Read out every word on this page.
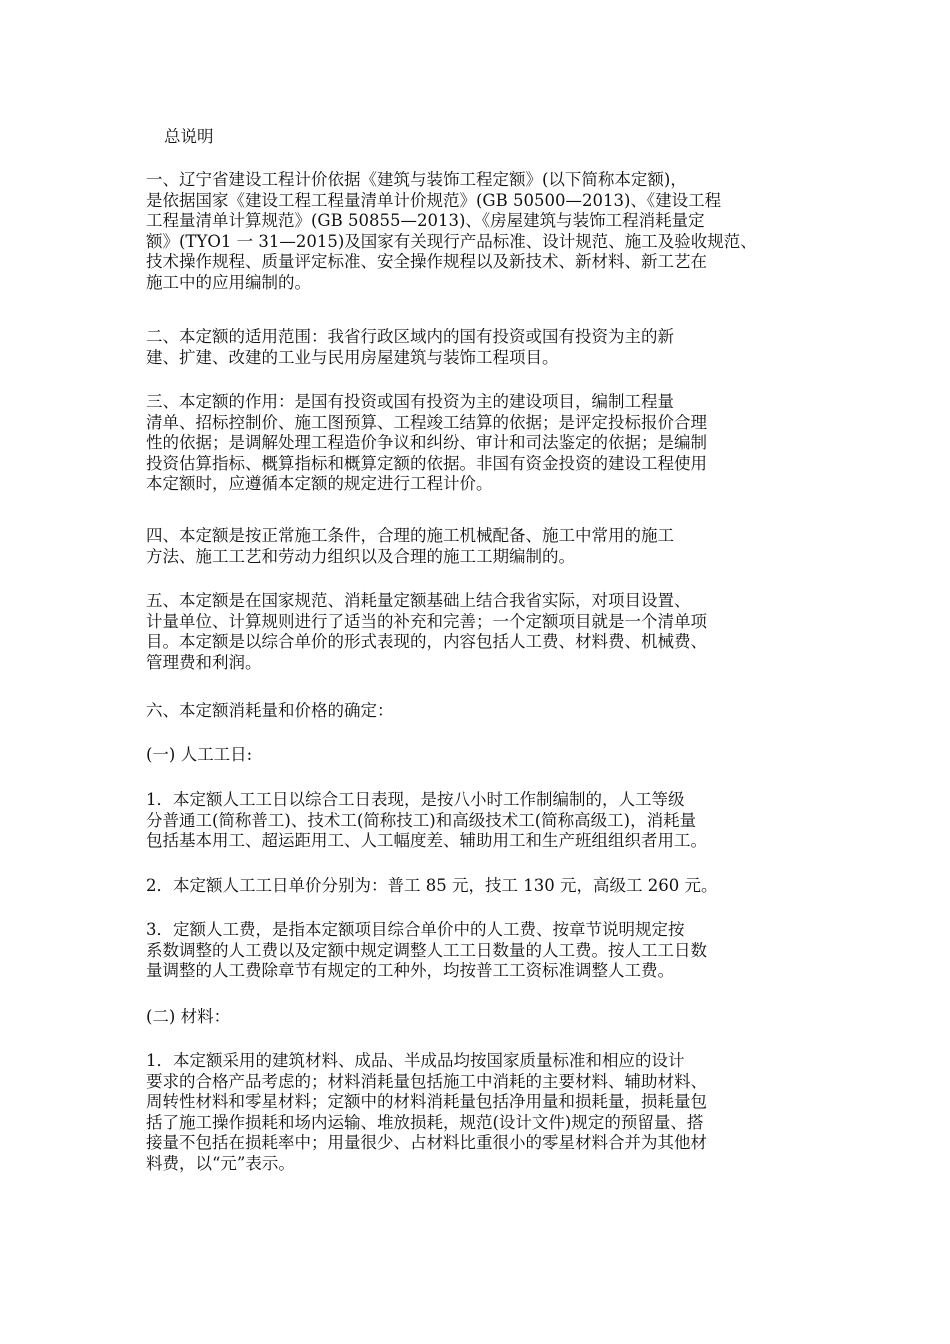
总说明
一、辽宁省建设工程计价依据《建筑与装饰工程定额》(以下简称本定额)，
是依据国家《建设工程工程量清单计价规范》(GB 50500—2013)、《建设工程
工程量清单计算规范》(GB 50855—2013)、《房屋建筑与装饰工程消耗量定
额》(TYO1 一 31—2015)及国家有关现行产品标准、设计规范、施工及验收规范、
技术操作规程、质量评定标准、安全操作规程以及新技术、新材料、新工艺在
施工中的应用编制的。
二、本定额的适用范围：我省行政区域内的国有投资或国有投资为主的新
建、扩建、改建的工业与民用房屋建筑与装饰工程项目。
三、本定额的作用：是国有投资或国有投资为主的建设项目，编制工程量
清单、招标控制价、施工图预算、工程竣工结算的依据；是评定投标报价合理
性的依据；是调解处理工程造价争议和纠纷、审计和司法鉴定的依据；是编制
投资估算指标、概算指标和概算定额的依据。非国有资金投资的建设工程使用
本定额时，应遵循本定额的规定进行工程计价。
四、本定额是按正常施工条件，合理的施工机械配备、施工中常用的施工
方法、施工工艺和劳动力组织以及合理的施工工期编制的。
五、本定额是在国家规范、消耗量定额基础上结合我省实际，对项目设置、
计量单位、计算规则进行了适当的补充和完善；一个定额项目就是一个清单项
目。本定额是以综合单价的形式表现的，内容包括人工费、材料费、机械费、
管理费和利润。
六、本定额消耗量和价格的确定：
(一) 人工工日:
1．本定额人工工日以综合工日表现，是按八小时工作制编制的，人工等级
分普通工(简称普工)、技术工(简称技工)和高级技术工(简称高级工)，消耗量
包括基本用工、超运距用工、人工幅度差、辅助用工和生产班组组织者用工。
2．本定额人工工日单价分别为：普工 85 元，技工 130 元，高级工 260 元。
3．定额人工费，是指本定额项目综合单价中的人工费、按章节说明规定按
系数调整的人工费以及定额中规定调整人工工日数量的人工费。按人工工日数
量调整的人工费除章节有规定的工种外，均按普工工资标准调整人工费。
(二) 材料：
1．本定额采用的建筑材料、成品、半成品均按国家质量标准和相应的设计
要求的合格产品考虑的；材料消耗量包括施工中消耗的主要材料、辅助材料、
周转性材料和零星材料；定额中的材料消耗量包括净用量和损耗量，损耗量包
括了施工操作损耗和场内运输、堆放损耗，规范(设计文件)规定的预留量、搭
接量不包括在损耗率中；用量很少、占材料比重很小的零星材料合并为其他材
料费，以“元”表示。
